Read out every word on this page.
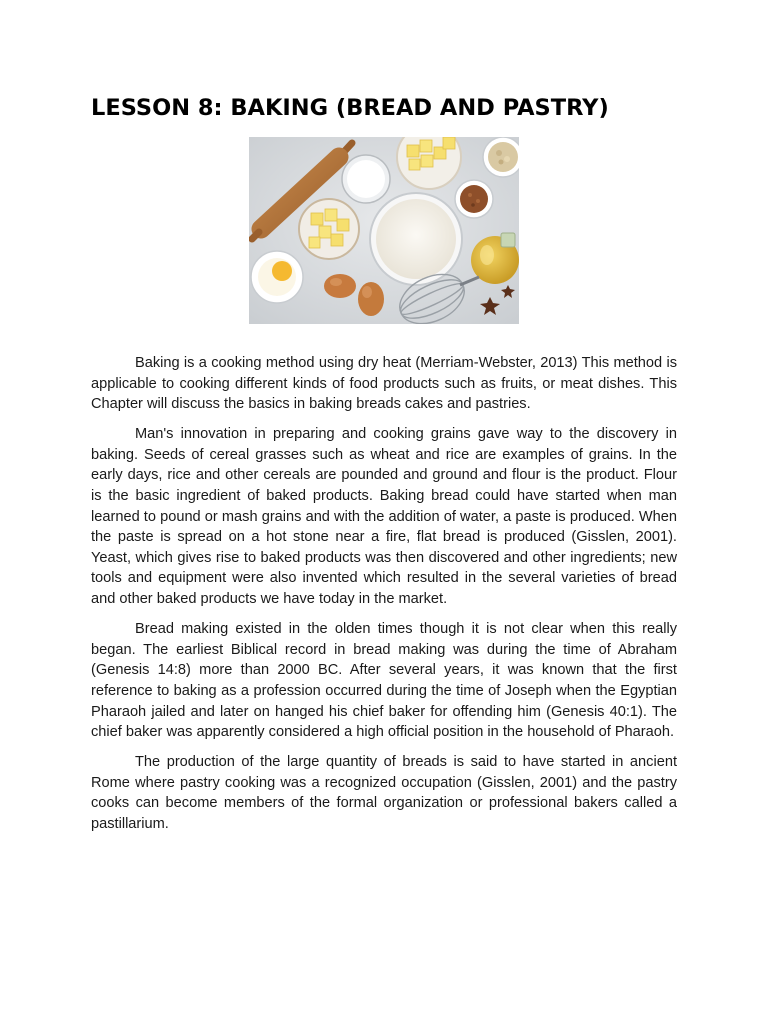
LESSON 8: BAKING (BREAD AND PASTRY)

Baking is a cooking method using dry heat (Merriam-Webster, 2013) This method is applicable to cooking different kinds of food products such as fruits, or meat dishes. This Chapter will discuss the basics in baking breads cakes and pastries.

Man's innovation in preparing and cooking grains gave way to the discovery in baking. Seeds of cereal grasses such as wheat and rice are examples of grains. In the early days, rice and other cereals are pounded and ground and flour is the product. Flour is the basic ingredient of baked products. Baking bread could have started when man learned to pound or mash grains and with the addition of water, a paste is produced. When the paste is spread on a hot stone near a fire, flat bread is produced (Gisslen, 2001). Yeast, which gives rise to baked products was then discovered and other ingredients; new tools and equipment were also invented which resulted in the several varieties of bread and other baked products we have today in the market.

Bread making existed in the olden times though it is not clear when this really began. The earliest Biblical record in bread making was during the time of Abraham (Genesis 14:8) more than 2000 BC. After several years, it was known that the first reference to baking as a profession occurred during the time of Joseph when the Egyptian Pharaoh jailed and later on hanged his chief baker for offending him (Genesis 40:1). The chief baker was apparently considered a high official position in the household of Pharaoh.

The production of the large quantity of breads is said to have started in ancient Rome where pastry cooking was a recognized occupation (Gisslen, 2001) and the pastry cooks can become members of the formal organization or professional bakers called a pastillarium.
